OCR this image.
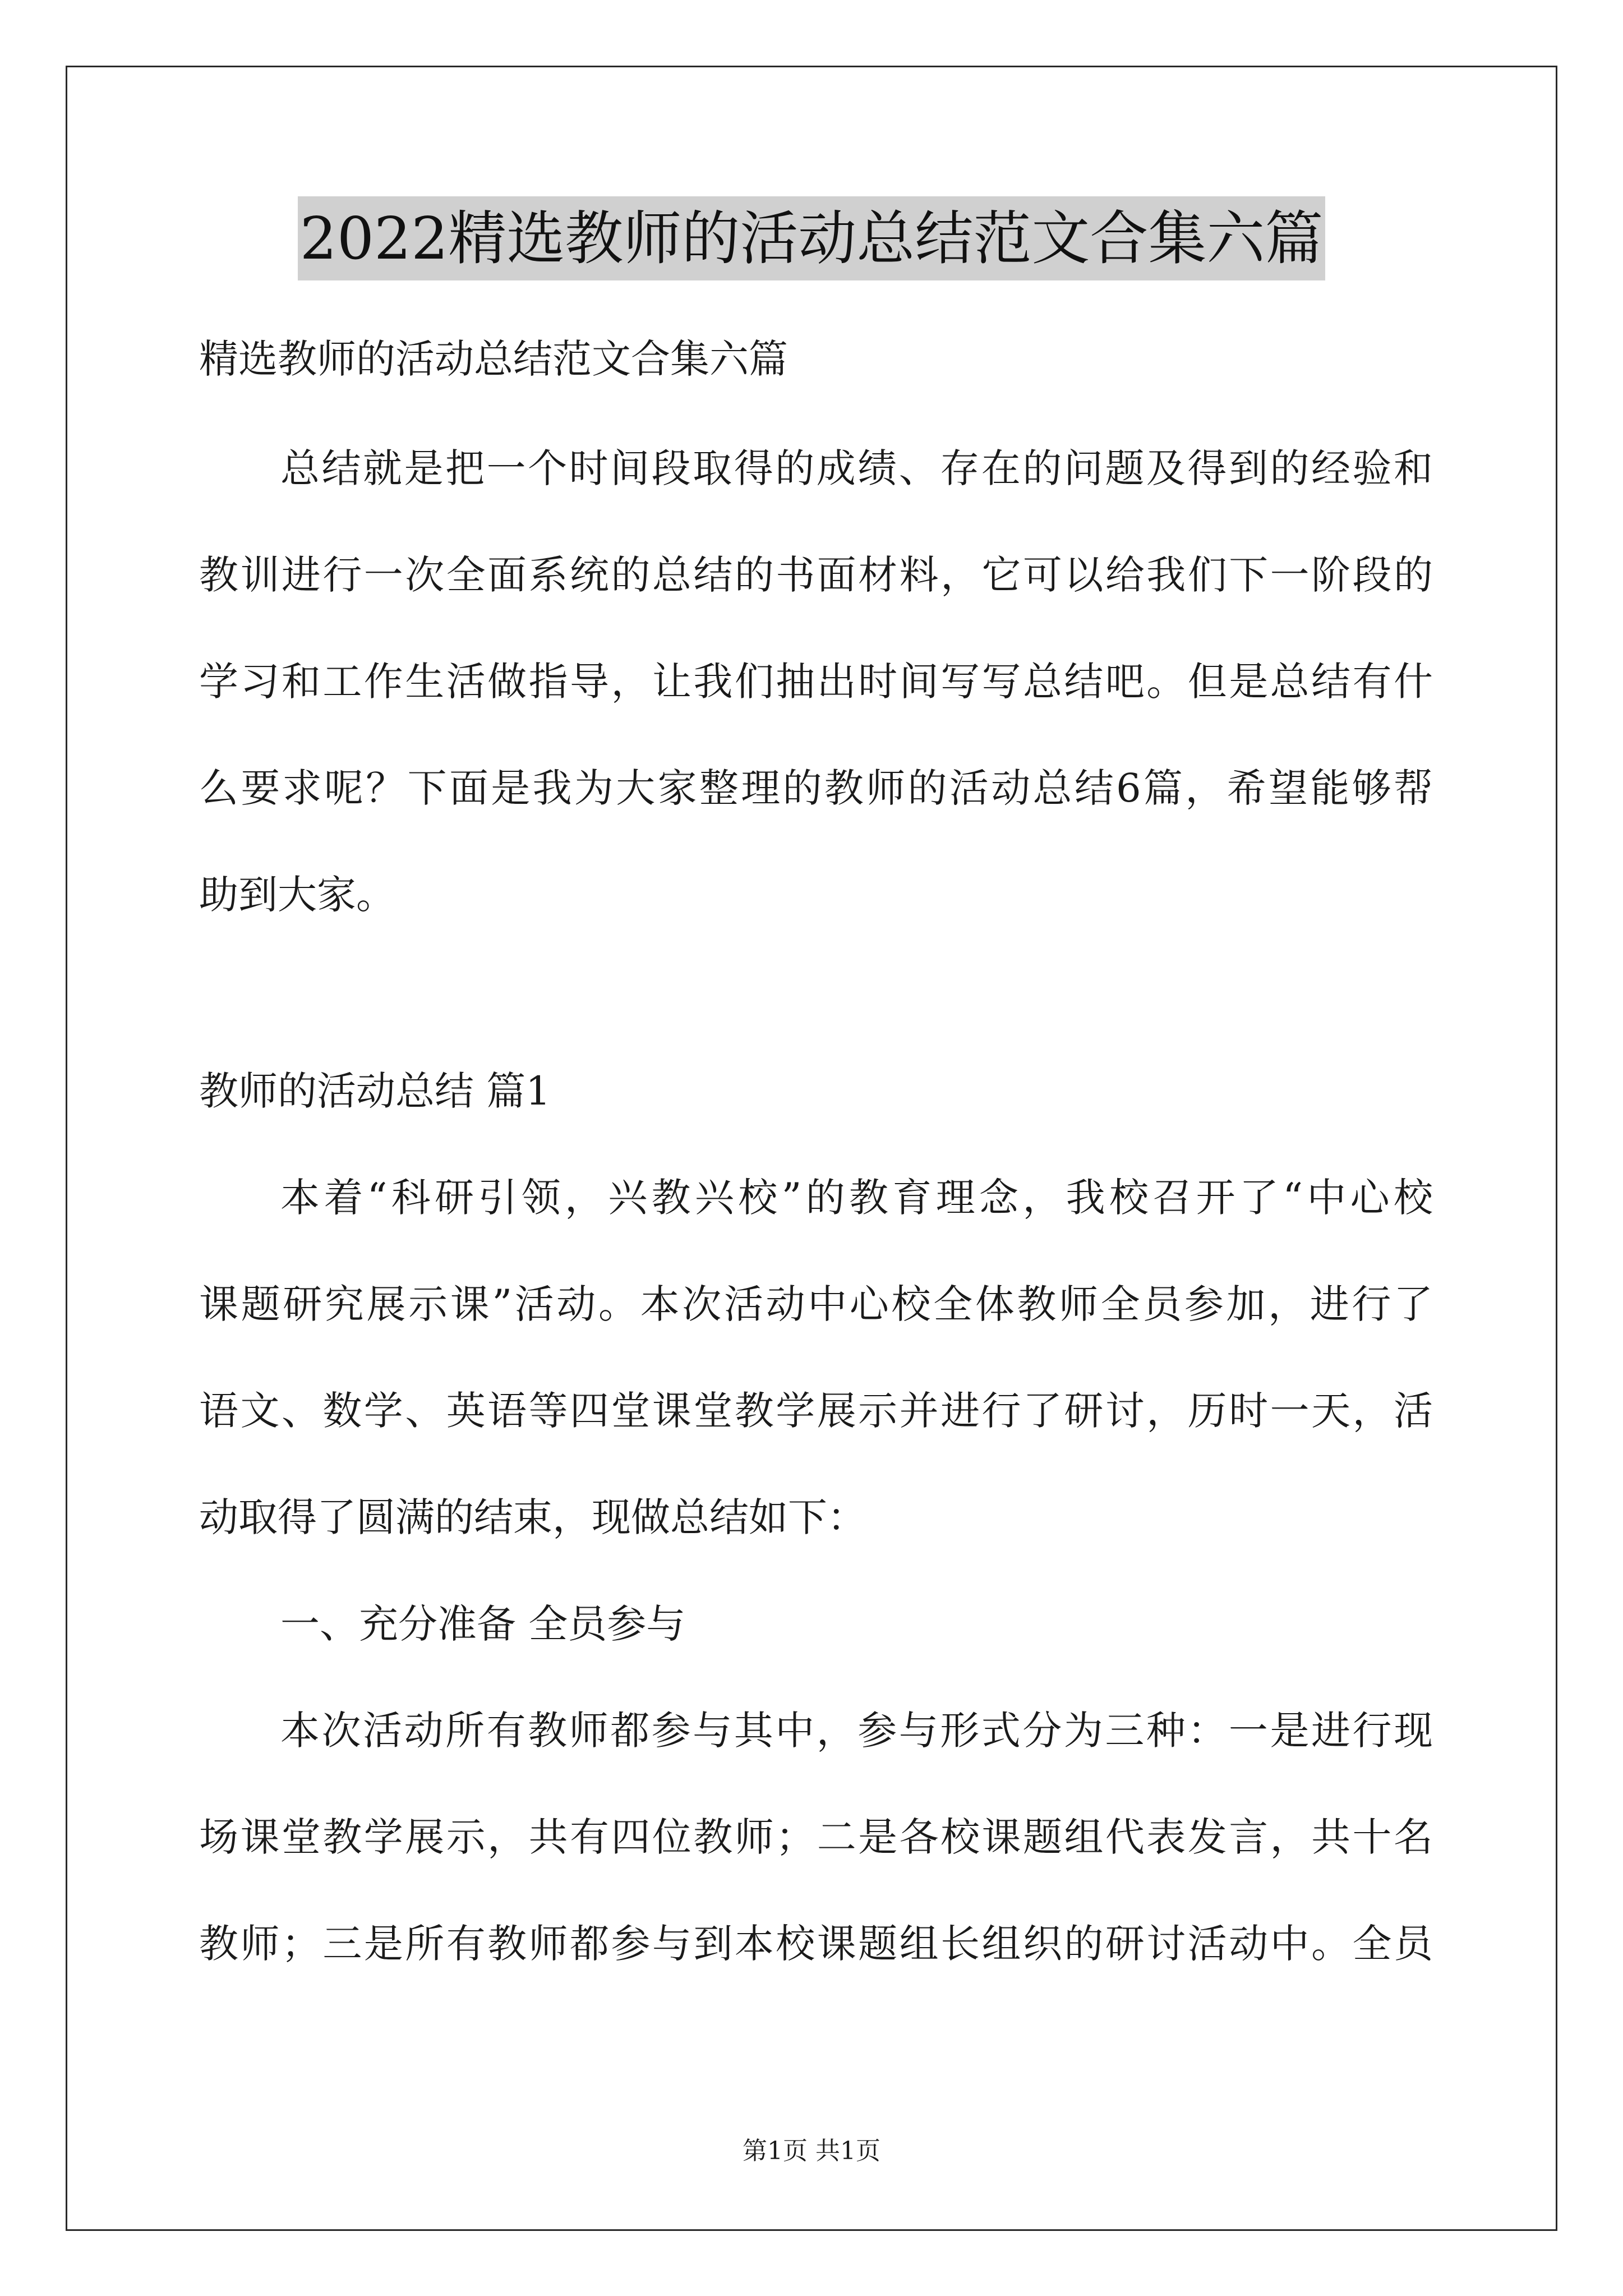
2022精选教师的活动总结范文合集六篇
精选教师的活动总结范文合集六篇
总结就是把一个时间段取得的成绩、存在的问题及得到的经验和
教训进行一次全面系统的总结的书面材料，它可以给我们下一阶段的
学习和工作生活做指导，让我们抽出时间写写总结吧。但是总结有什
么要求呢？下面是我为大家整理的教师的活动总结6篇，希望能够帮
助到大家。
教师的活动总结 篇1
本着“科研引领，兴教兴校”的教育理念，我校召开了“中心校
课题研究展示课”活动。本次活动中心校全体教师全员参加，进行了
语文、数学、英语等四堂课堂教学展示并进行了研讨，历时一天，活
动取得了圆满的结束，现做总结如下：
一、充分准备 全员参与
本次活动所有教师都参与其中，参与形式分为三种：一是进行现
场课堂教学展示，共有四位教师；二是各校课题组代表发言，共十名
教师；三是所有教师都参与到本校课题组长组织的研讨活动中。全员
第1页 共1页
